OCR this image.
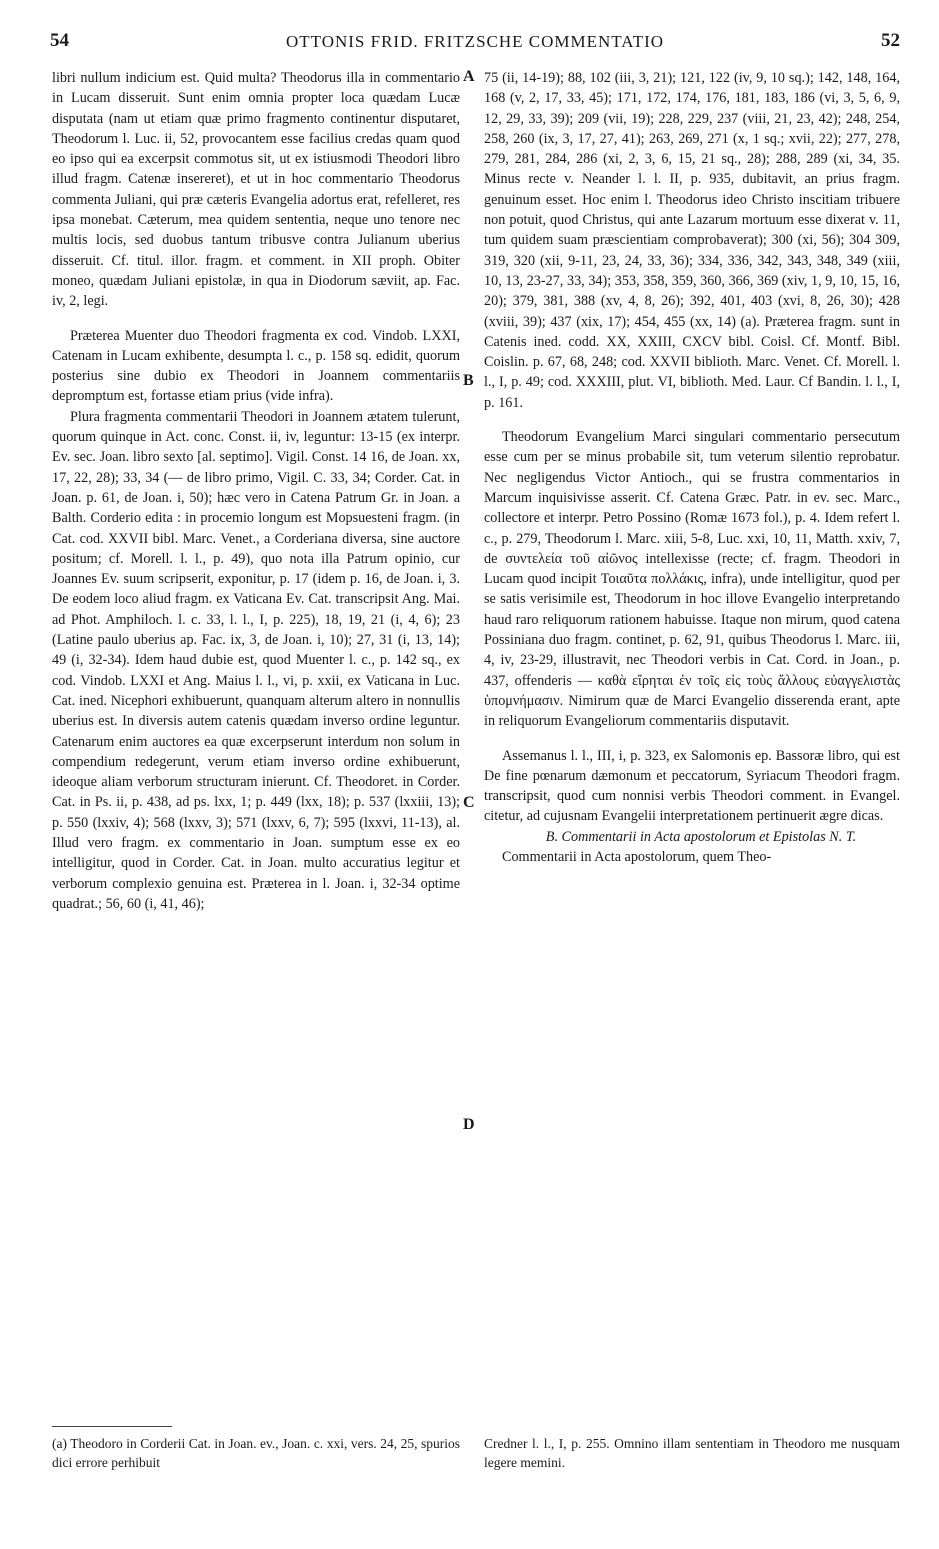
54	OTTONIS FRID. FRITZSCHE COMMENTATIO	52

libri nullum indicium est. Quid multa? Theodorus illa in commentario in Lucam disseruit. Sunt enim omnia propter loca quædam Lucæ disputata (nam ut etiam quæ primo fragmento continentur disputaret, Theodorum l. Luc. ii, 52, provocantem esse facilius credas quam quod eo ipso qui ea excerpsit commotus sit, ut ex istiusmodi Theodori libro illud fragm. Catenæ insereret), et ut in hoc commentario Theodorus commenta Juliani, qui præ cæteris Evangelia adortus erat, refelleret, res ipsa monebat. Cæterum, mea quidem sententia, neque uno tenore nec multis locis, sed duobus tantum tribusve contra Julianum uberius disseruit. Cf. titul. illor. fragm. et comment. in XII proph. Obiter moneo, quædam Juliani epistolæ, in qua in Diodorum sæviit, ap. Fac. iv, 2, legi.

Præterea Muenter duo Theodori fragmenta ex cod. Vindob. LXXI, Catenam in Lucam exhibente, desumpta l. c., p. 158 sq. edidit, quorum posterius sine dubio ex Theodori in Joannem commentariis depromptum est, fortasse etiam prius (vide infra).

Plura fragmenta commentarii Theodori in Joannem ætatem tulerunt, quorum quinque in Act. conc. Const. ii, iv, leguntur: 13-15 (ex interpr. Ev. sec. Joan. libro sexto [al. septimo]. Vigil. Const. 14 16, de Joan. xx, 17, 22, 28); 33, 34 (— de libro primo, Vigil. C. 33, 34; Corder. Cat. in Joan. p. 61, de Joan. i, 50); hæc vero in Catena Patrum Gr. in Joan. a Balth. Corderio edita : in procemio longum est Mopsuesteni fragm. (in Cat. cod. XXVII bibl. Marc. Venet., a Corderiana diversa, sine auctore positum; cf. Morell. l. l., p. 49), quo nota illa Patrum opinio, cur Joannes Ev. suum scripserit, exponitur, p. 17 (idem p. 16, de Joan. i, 3. De eodem loco aliud fragm. ex Vaticana Ev. Cat. transcripsit Ang. Mai. ad Phot. Amphiloch. l. c. 33, l. l., I, p. 225), 18, 19, 21 (i, 4, 6); 23 (Latine paulo uberius ap. Fac. ix, 3, de Joan. i, 10); 27, 31 (i, 13, 14); 49 (i, 32-34). Idem haud dubie est, quod Muenter l. c., p. 142 sq., ex cod. Vindob. LXXI et Ang. Maius l. l., vi, p. xxii, ex Vaticana in Luc. Cat. ined. Nicephori exhibuerunt, quanquam alterum altero in nonnullis uberius est. In diversis autem catenis quædam inverso ordine leguntur. Catenarum enim auctores ea quæ excerpserunt interdum non solum in compendium redegerunt, verum etiam inverso ordine exhibuerunt, ideoque aliam verborum structuram inierunt. Cf. Theodoret. in Corder. Cat. in Ps. ii, p. 438, ad ps. lxx, 1; p. 449 (lxx, 18); p. 537 (lxxiii, 13); p. 550 (lxxiv, 4); 568 (lxxv, 3); 571 (lxxv, 6, 7); 595 (lxxvi, 11-13), al. Illud vero fragm. ex commentario in Joan. sumptum esse ex eo intelligitur, quod in Corder. Cat. in Joan. multo accuratius legitur et verborum complexio genuina est. Præterea in l. Joan. i, 32-34 optime quadrat.; 56, 60 (i, 41, 46);

75 (ii, 14-19); 88, 102 (iii, 3, 21); 121, 122 (iv, 9, 10 sq.); 142, 148, 164, 168 (v, 2, 17, 33, 45); 171, 172, 174, 176, 181, 183, 186 (vi, 3, 5, 6, 9, 12, 29, 33, 39); 209 (vii, 19); 228, 229, 237 (viii, 21, 23, 42); 248, 254, 258, 260 (ix, 3, 17, 27, 41); 263, 269, 271 (x, 1 sq.; xvii, 22); 277, 278, 279, 281, 284, 286 (xi, 2, 3, 6, 15, 21 sq., 28); 288, 289 (xi, 34, 35. Minus recte v. Neander l. l. II, p. 935, dubitavit, an prius fragm. genuinum esset. Hoc enim l. Theodorus ideo Christo inscitiam tribuere non potuit, quod Christus, qui ante Lazarum mortuum esse dixerat v. 11, tum quidem suam præscientiam comprobaverat); 300 (xi, 56); 304 309, 319, 320 (xii, 9-11, 23, 24, 33, 36); 334, 336, 342, 343, 348, 349 (xiii, 10, 13, 23-27, 33, 34); 353, 358, 359, 360, 366, 369 (xiv, 1, 9, 10, 15, 16, 20); 379, 381, 388 (xv, 4, 8, 26); 392, 401, 403 (xvi, 8, 26, 30); 428 (xviii, 39); 437 (xix, 17); 454, 455 (xx, 14) (a). Præterea fragm. sunt in Catenis ined. codd. XX, XXIII, CXCV bibl. Coisl. Cf. Montf. Bibl. Coislin. p. 67, 68, 248; cod. XXVII biblioth. Marc. Venet. Cf. Morell. l. l., I, p. 49; cod. XXXIII, plut. VI, biblioth. Med. Laur. Cf Bandin. l. l., I, p. 161.

Theodorum Evangelium Marci singulari commentario persecutum esse cum per se minus probabile sit, tum veterum silentio reprobatur. Nec negligendus Victor Antioch., qui se frustra commentarios in Marcum inquisivisse asserit. Cf. Catena Græc. Patr. in ev. sec. Marc., collectore et interpr. Petro Possino (Romæ 1673 fol.), p. 4. Idem refert l. c., p. 279, Theodorum l. Marc. xiii, 5-8, Luc. xxi, 10, 11, Matth. xxiv, 7, de συντελεία τοῦ αἰῶνος intellexisse (recte; cf. fragm. Theodori in Lucam quod incipit Τοιαῦτα πολλάκις, infra), unde intelligitur, quod per se satis verisimile est, Theodorum in hoc illove Evangelio interpretando haud raro reliquorum rationem habuisse. Itaque non mirum, quod catena Possiniana duo fragm. continet, p. 62, 91, quibus Theodorus l. Marc. iii, 4, iv, 23-29, illustravit, nec Theodori verbis in Cat. Cord. in Joan., p. 437, offenderis — καθὰ εἴρηται ἐν τοῖς εἰς τοὺς ἄλλους εὐαγγελιστὰς ὑπομνήμασιν. Nimirum quæ de Marci Evangelio disserenda erant, apte in reliquorum Evangeliorum commentariis disputavit.

Assemanus l. l., III, i, p. 323, ex Salomonis ep. Bassoræ libro, qui est De fine pœnarum dæmonum et peccatorum, Syriacum Theodori fragm. transcripsit, quod cum nonnisi verbis Theodori comment. in Evangel. citetur, ad cujusnam Evangelii interpretationem pertinuerit ægre dicas.

B. Commentarii in Acta apostolorum et Epistolas N. T.

Commentarii in Acta apostolorum, quem Theo-

A
B
C
D
(a) Theodoro in Corderii Cat. in Joan. ev., Joan. c. xxi, vers. 24, 25, spurios dici errore perhibuit
Credner l. l., I, p. 255. Omnino illam sententiam in Theodoro me nusquam legere memini.
